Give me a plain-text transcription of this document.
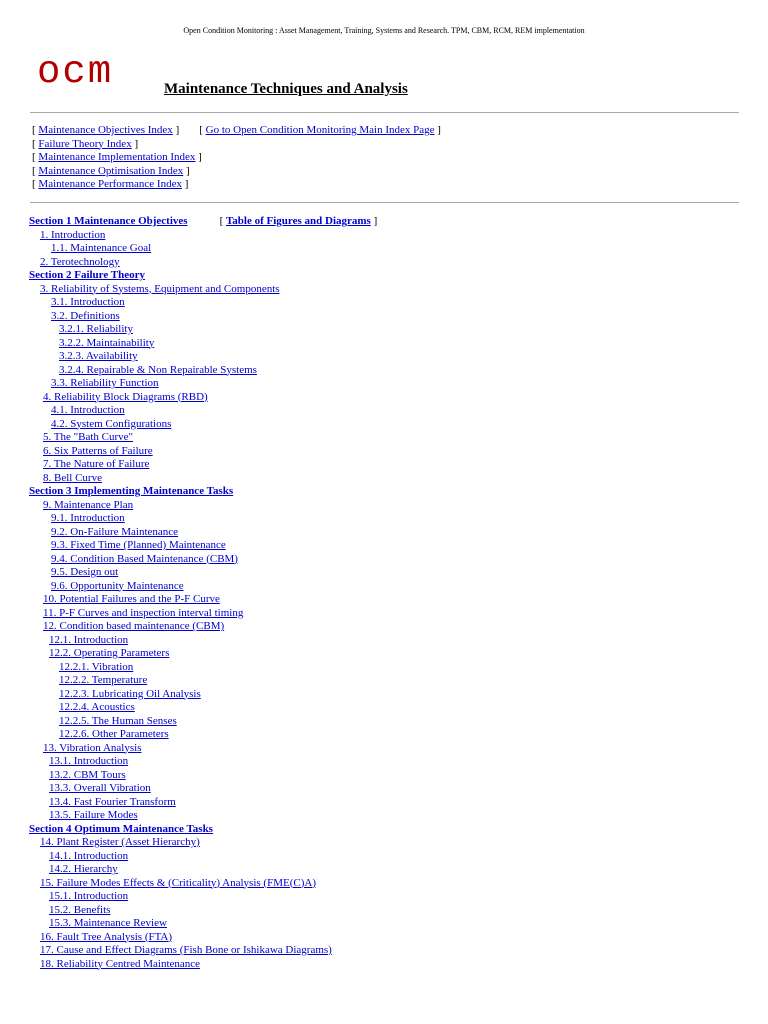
Open Condition Monitoring : Asset Management, Training, Systems and Research. TPM, CBM, RCM, REM implementation
ocm	Maintenance Techniques and Analysis
[ Maintenance Objectives Index ] [ Go to Open Condition Monitoring Main Index Page ]
[ Failure Theory Index ]
[ Maintenance Implementation Index ]
[ Maintenance Optimisation Index ]
[ Maintenance Performance Index ]
Section 1 Maintenance Objectives	[ Table of Figures and Diagrams ]
1. Introduction
1.1. Maintenance Goal
2. Terotechnology
Section 2 Failure Theory
3. Reliability of Systems, Equipment and Components
3.1. Introduction
3.2. Definitions
3.2.1. Reliability
3.2.2. Maintainability
3.2.3. Availability
3.2.4. Repairable & Non Repairable Systems
3.3. Reliability Function
4. Reliability Block Diagrams (RBD)
4.1. Introduction
4.2. System Configurations
5. The "Bath Curve"
6. Six Patterns of Failure
7. The Nature of Failure
8. Bell Curve
Section 3 Implementing Maintenance Tasks
9. Maintenance Plan
9.1. Introduction
9.2. On-Failure Maintenance
9.3. Fixed Time (Planned) Maintenance
9.4. Condition Based Maintenance (CBM)
9.5. Design out
9.6. Opportunity Maintenance
10. Potential Failures and the P-F Curve
11. P-F Curves and inspection interval timing
12. Condition based maintenance (CBM)
12.1. Introduction
12.2. Operating Parameters
12.2.1. Vibration
12.2.2. Temperature
12.2.3. Lubricating Oil Analysis
12.2.4. Acoustics
12.2.5. The Human Senses
12.2.6. Other Parameters
13. Vibration Analysis
13.1. Introduction
13.2. CBM Tours
13.3. Overall Vibration
13.4. Fast Fourier Transform
13.5. Failure Modes
Section 4 Optimum Maintenance Tasks
14. Plant Register (Asset Hierarchy)
14.1. Introduction
14.2. Hierarchy
15. Failure Modes Effects & (Criticality) Analysis (FME(C)A)
15.1. Introduction
15.2. Benefits
15.3. Maintenance Review
16. Fault Tree Analysis (FTA)
17. Cause and Effect Diagrams (Fish Bone or Ishikawa Diagrams)
18. Reliability Centred Maintenance
